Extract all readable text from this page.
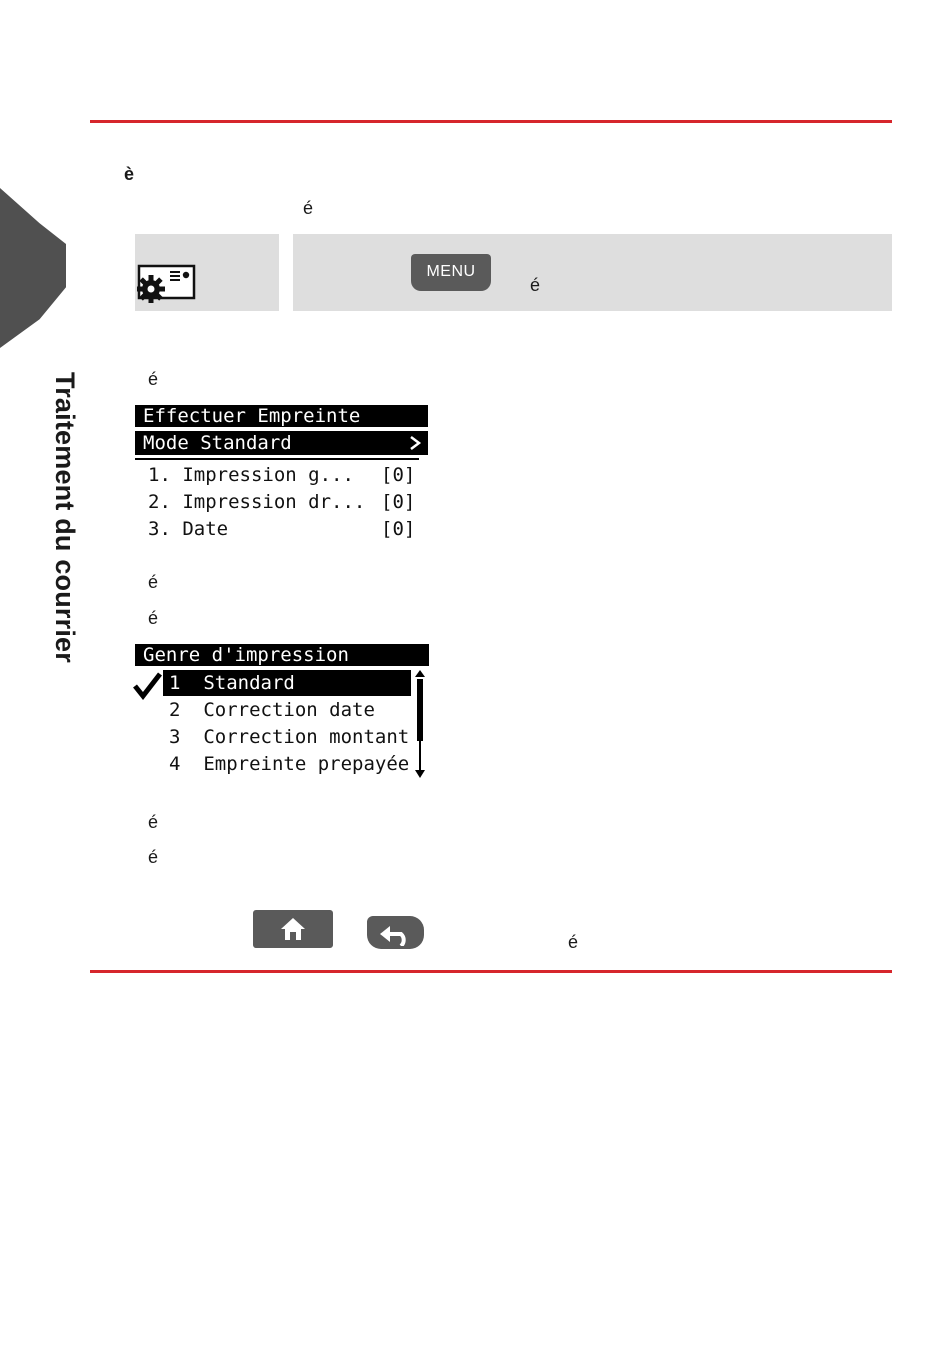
Traitement du courrier
è
é
MENU
é
é
Effectuer Empreinte
Mode Standard
1. Impression g... [0]
2. Impression dr... [0]
3. Date	[0]
é
é
Genre d'impression
1 Standard
2 Correction date
3 Correction montant
4 Empreinte prepayée
é
é
é
